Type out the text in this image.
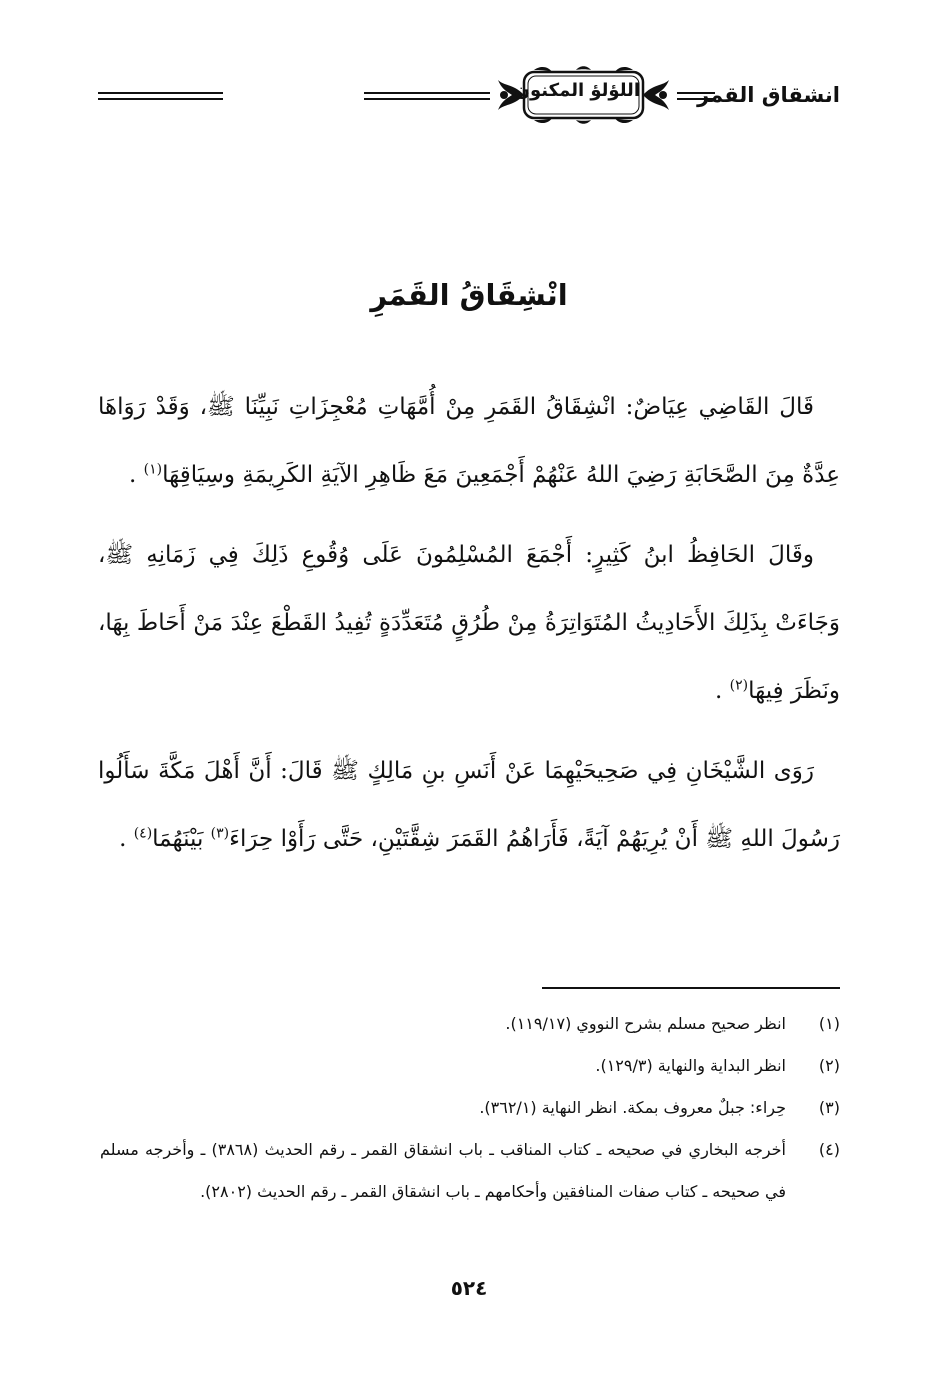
انشقاق القمر
اللؤلؤ المكنون
انْشِقَاقُ القَمَرِ

قَالَ القَاضِي عِيَاضٌ: انْشِقَاقُ القَمَرِ مِنْ أُمَّهَاتِ مُعْجِزَاتِ نَبِيِّنَا ﷺ، وَقَدْ رَوَاهَا عِدَّةٌ مِنَ الصَّحَابَةِ رَضِيَ اللهُ عَنْهُمْ أَجْمَعِينَ مَعَ ظَاهِرِ الآيَةِ الكَرِيمَةِ وسِيَاقِهَا$^{(١)}$ .

وقَالَ الحَافِظُ ابنُ كَثِيرٍ: أَجْمَعَ المُسْلِمُونَ عَلَى وُقُوعِ ذَلِكَ فِي زَمَانِهِ ﷺ، وَجَاءَتْ بِذَلِكَ الأَحَادِيثُ المُتَوَاتِرَةُ مِنْ طُرُقٍ مُتَعَدِّدَةٍ تُفِيدُ القَطْعَ عِنْدَ مَنْ أَحَاطَ بِهَا، ونَظَرَ فِيهَا$^{(٢)}$ .

رَوَى الشَّيْخَانِ فِي صَحِيحَيْهِمَا عَنْ أَنَسِ بنِ مَالِكٍ ﷺ قَالَ: أَنَّ أَهْلَ مَكَّةَ سَأَلُوا رَسُولَ اللهِ ﷺ أَنْ يُرِيَهُمْ آيَةً، فَأَرَاهُمُ القَمَرَ شِقَّتَيْنِ، حَتَّى رَأَوْا حِرَاءَ$^{(٣)}$ بَيْنَهُمَا$^{(٤)}$ .

(١)
انظر صحيح مسلم بشرح النووي (١١٩/١٧).
(٢)
انظر البداية والنهاية (١٢٩/٣).
(٣)
حِراء: جبلٌ معروف بمكة. انظر النهاية (٣٦٢/١).
(٤)
أخرجه البخاري في صحيحه ـ كتاب المناقب ـ باب انشقاق القمر ـ رقم الحديث (٣٨٦٨) ـ وأخرجه مسلم في صحيحه ـ كتاب صفات المنافقين وأحكامهم ـ باب انشقاق القمر ـ رقم الحديث (٢٨٠٢).
٥٢٤
